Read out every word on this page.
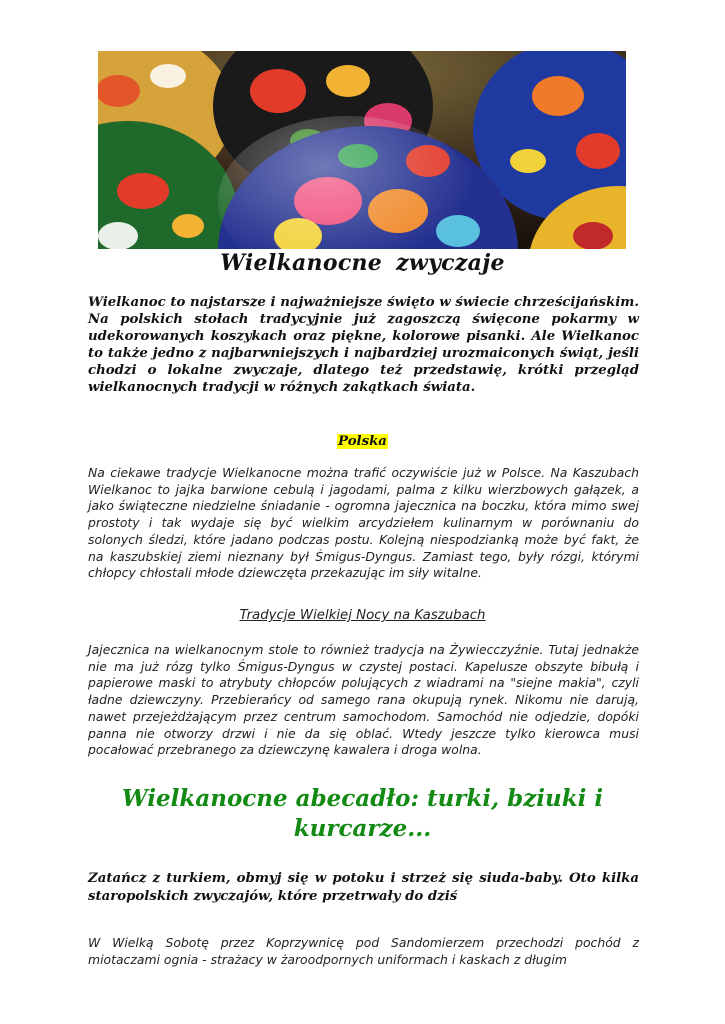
Wielkanocne zwyczaje

Wielkanoc to najstarsze i najważniejsze święto w świecie chrześcijańskim. Na polskich stołach tradycyjnie już zagoszczą święcone pokarmy w udekorowanych koszykach oraz piękne, kolorowe pisanki. Ale Wielkanoc to także jedno z najbarwniejszych i najbardziej urozmaiconych świąt, jeśli chodzi o lokalne zwyczaje, dlatego też przedstawię, krótki przegląd wielkanocnych tradycji w różnych zakątkach świata.

Polska

Na ciekawe tradycje Wielkanocne można trafić oczywiście już w Polsce. Na Kaszubach Wielkanoc to jajka barwione cebulą i jagodami, palma z kilku wierzbowych gałązek, a jako świąteczne niedzielne śniadanie - ogromna jajecznica na boczku, która mimo swej prostoty i tak wydaje się być wielkim arcydziełem kulinarnym w porównaniu do solonych śledzi, które jadano podczas postu. Kolejną niespodzianką może być fakt, że na kaszubskiej ziemi nieznany był Śmigus-Dyngus. Zamiast tego, były rózgi, którymi chłopcy chłostali młode dziewczęta przekazując im siły witalne.

Tradycje Wielkiej Nocy na Kaszubach

Jajecznica na wielkanocnym stole to również tradycja na Żywiecczyźnie. Tutaj jednakże nie ma już rózg tylko Śmigus-Dyngus w czystej postaci. Kapelusze obszyte bibułą i papierowe maski to atrybuty chłopców polujących z wiadrami na "siejne makia", czyli ładne dziewczyny. Przebierańcy od samego rana okupują rynek. Nikomu nie darują, nawet przejeżdżającym przez centrum samochodom. Samochód nie odjedzie, dopóki panna nie otworzy drzwi i nie da się oblać. Wtedy jeszcze tylko kierowca musi pocałować przebranego za dziewczynę kawalera i droga wolna.

Wielkanocne abecadło: turki, bziuki i kurcarze...

Zatańcz z turkiem, obmyj się w potoku i strzeż się siuda-baby. Oto kilka staropolskich zwyczajów, które przetrwały do dziś

W Wielką Sobotę przez Koprzywnicę pod Sandomierzem przechodzi pochód z miotaczami ognia - strażacy w żaroodpornych uniformach i kaskach z długim
